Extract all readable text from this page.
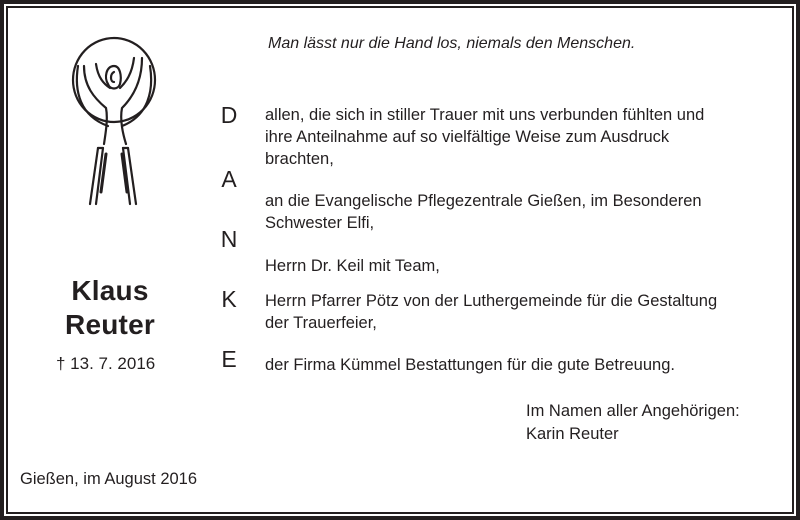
Klaus
Reuter
† 13. 7. 2016
Man lässt nur die Hand los, niemals den Menschen.
D
A
N
K
E
allen, die sich in stiller Trauer mit uns verbunden fühlten und
ihre Anteilnahme auf so vielfältige Weise zum Ausdruck
brachten,
an die Evangelische Pflegezentrale Gießen, im Besonderen
Schwester Elfi,
Herrn Dr. Keil mit Team,
Herrn Pfarrer Pötz von der Luthergemeinde für die Gestaltung
der Trauerfeier,
der Firma Kümmel Bestattungen für die gute Betreuung.
Im Namen aller Angehörigen:
Karin Reuter
Gießen, im August 2016
